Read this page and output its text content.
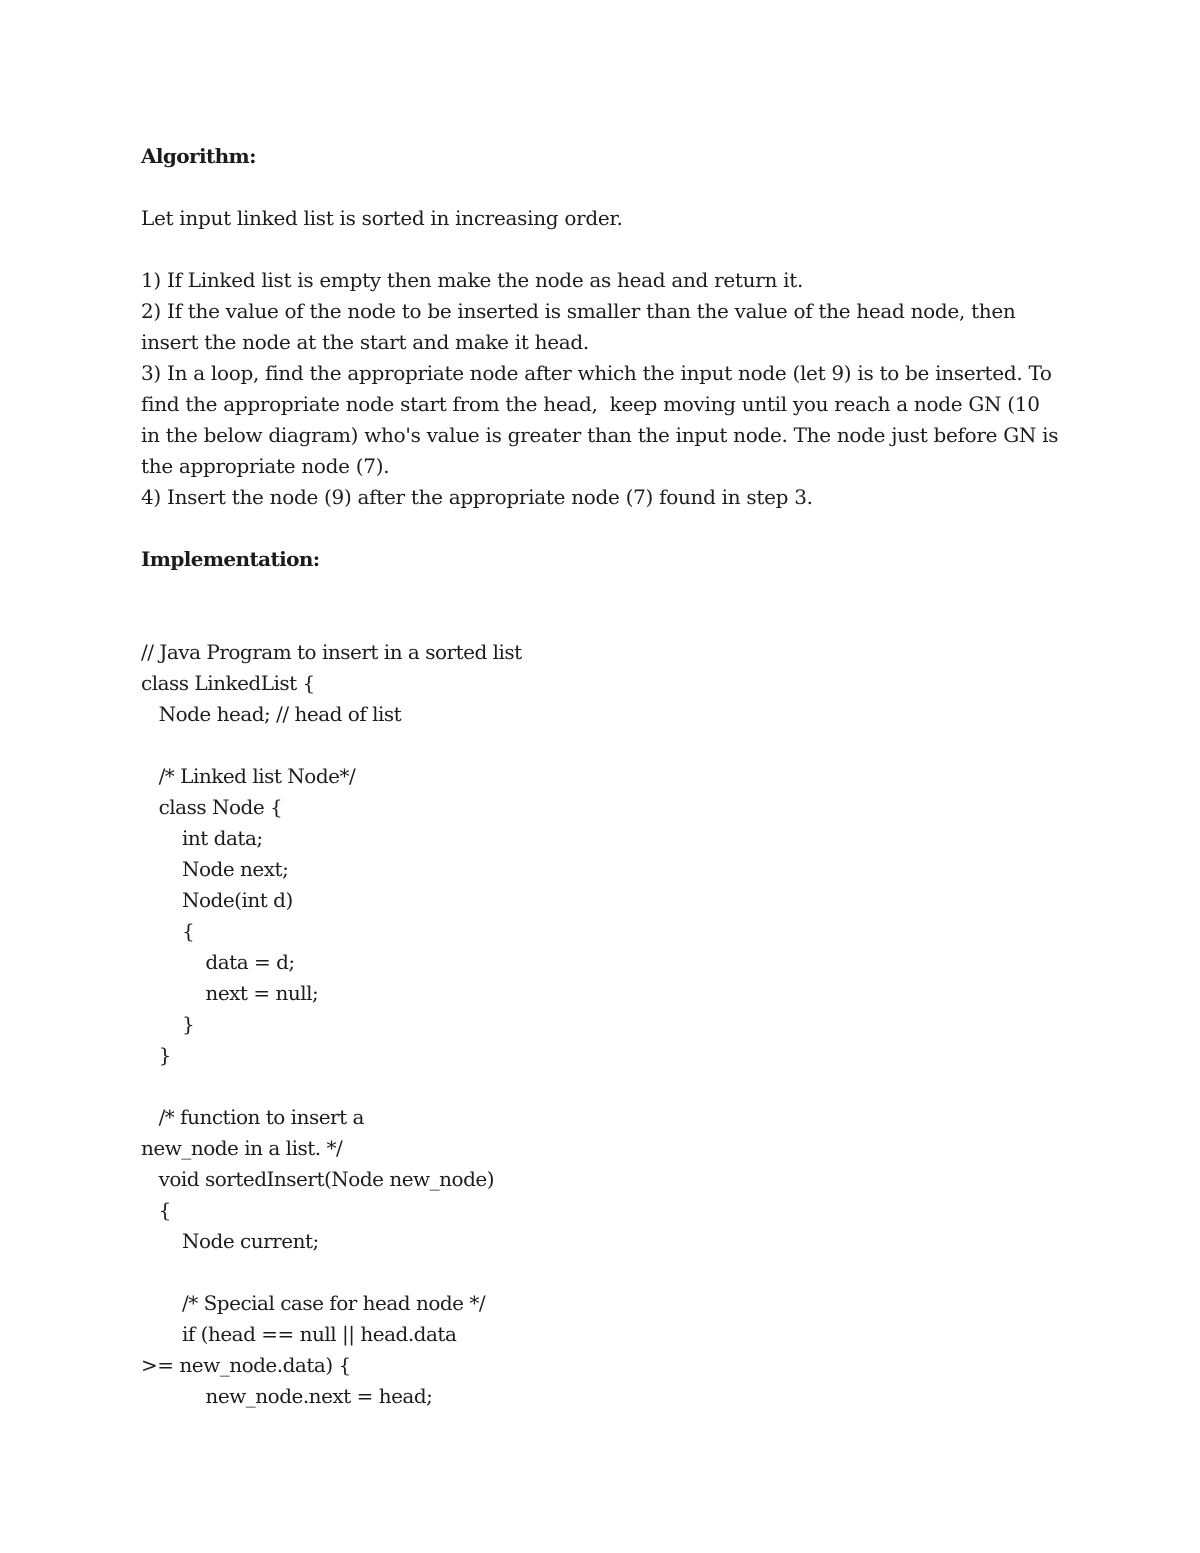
Algorithm:
Let input linked list is sorted in increasing order.
1) If Linked list is empty then make the node as head and return it.
2) If the value of the node to be inserted is smaller than the value of the head node, then
insert the node at the start and make it head.
3) In a loop, find the appropriate node after which the input node (let 9) is to be inserted. To
find the appropriate node start from the head,  keep moving until you reach a node GN (10
in the below diagram) who's value is greater than the input node. The node just before GN is
the appropriate node (7).
4) Insert the node (9) after the appropriate node (7) found in step 3.
Implementation:
// Java Program to insert in a sorted list
class LinkedList {
Node head; // head of list
/* Linked list Node*/
class Node {
int data;
Node next;
Node(int d)
{
data = d;
next = null;
}
}
/* function to insert a
new_node in a list. */
void sortedInsert(Node new_node)
{
Node current;
/* Special case for head node */
if (head == null || head.data
>= new_node.data) {
new_node.next = head;
